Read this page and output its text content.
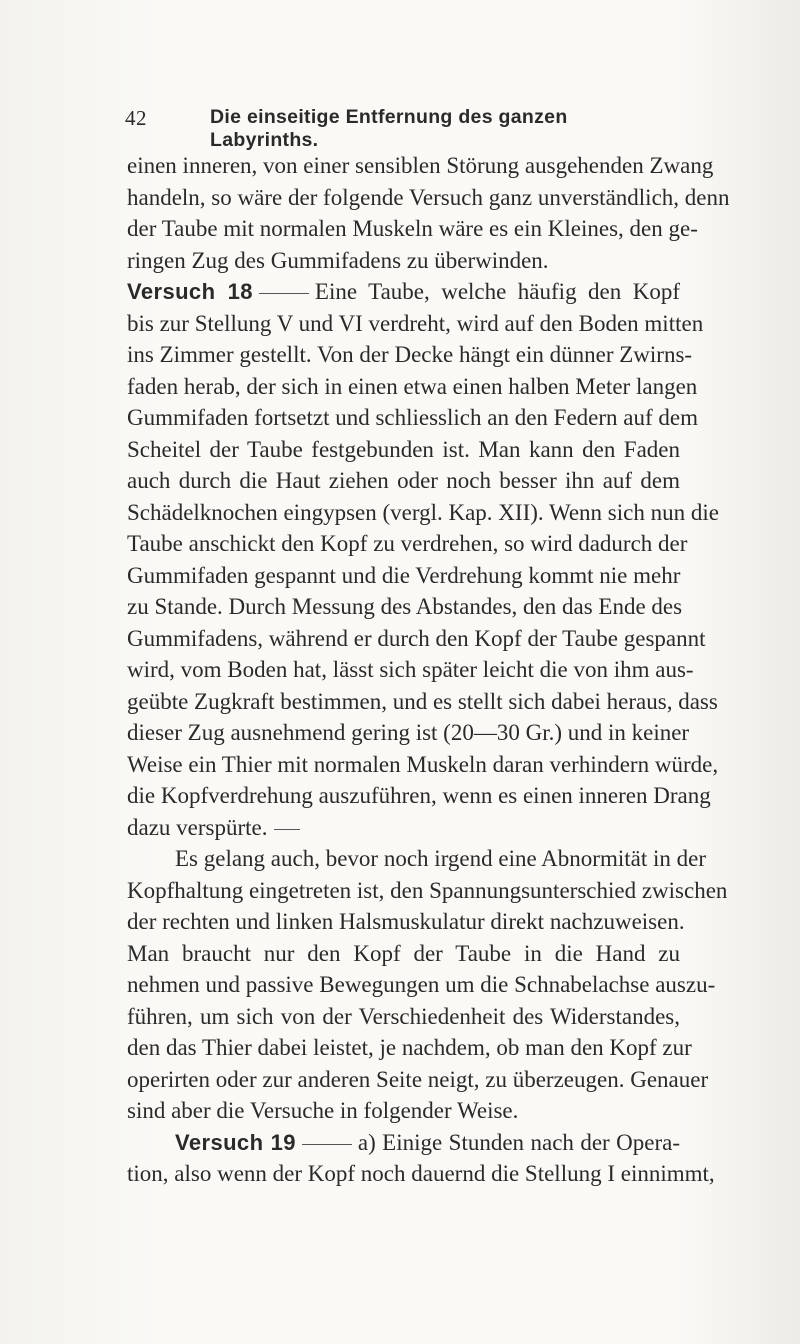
42	Die einseitige Entfernung des ganzen Labyrinths.
einen inneren, von einer sensiblen Störung ausgehenden Zwang
handeln, so wäre der folgende Versuch ganz unverständlich, denn
der Taube mit normalen Muskeln wäre es ein Kleines, den ge-
ringen Zug des Gummifadens zu überwinden.
Versuch 18	Eine Taube, welche häufig den Kopf
bis zur Stellung V und VI verdreht, wird auf den Boden mitten
ins Zimmer gestellt. Von der Decke hängt ein dünner Zwirns-
faden herab, der sich in einen etwa einen halben Meter langen
Gummifaden fortsetzt und schliesslich an den Federn auf dem
Scheitel der Taube festgebunden ist. Man kann den Faden
auch durch die Haut ziehen oder noch besser ihn auf dem
Schädelknochen eingypsen (vergl. Kap. XII). Wenn sich nun die
Taube anschickt den Kopf zu verdrehen, so wird dadurch der
Gummifaden gespannt und die Verdrehung kommt nie mehr
zu Stande. Durch Messung des Abstandes, den das Ende des
Gummifadens, während er durch den Kopf der Taube gespannt
wird, vom Boden hat, lässt sich später leicht die von ihm aus-
geübte Zugkraft bestimmen, und es stellt sich dabei heraus, dass
dieser Zug ausnehmend gering ist (20—30 Gr.) und in keiner
Weise ein Thier mit normalen Muskeln daran verhindern würde,
die Kopfverdrehung auszuführen, wenn es einen inneren Drang
dazu verspürte.
Es gelang auch, bevor noch irgend eine Abnormität in der
Kopfhaltung eingetreten ist, den Spannungsunterschied zwischen
der rechten und linken Halsmuskulatur direkt nachzuweisen.
Man braucht nur den Kopf der Taube in die Hand zu
nehmen und passive Bewegungen um die Schnabelachse auszu-
führen, um sich von der Verschiedenheit des Widerstandes,
den das Thier dabei leistet, je nachdem, ob man den Kopf zur
operirten oder zur anderen Seite neigt, zu überzeugen. Genauer
sind aber die Versuche in folgender Weise.
Versuch 19	a) Einige Stunden nach der Opera-
tion, also wenn der Kopf noch dauernd die Stellung I einnimmt,
